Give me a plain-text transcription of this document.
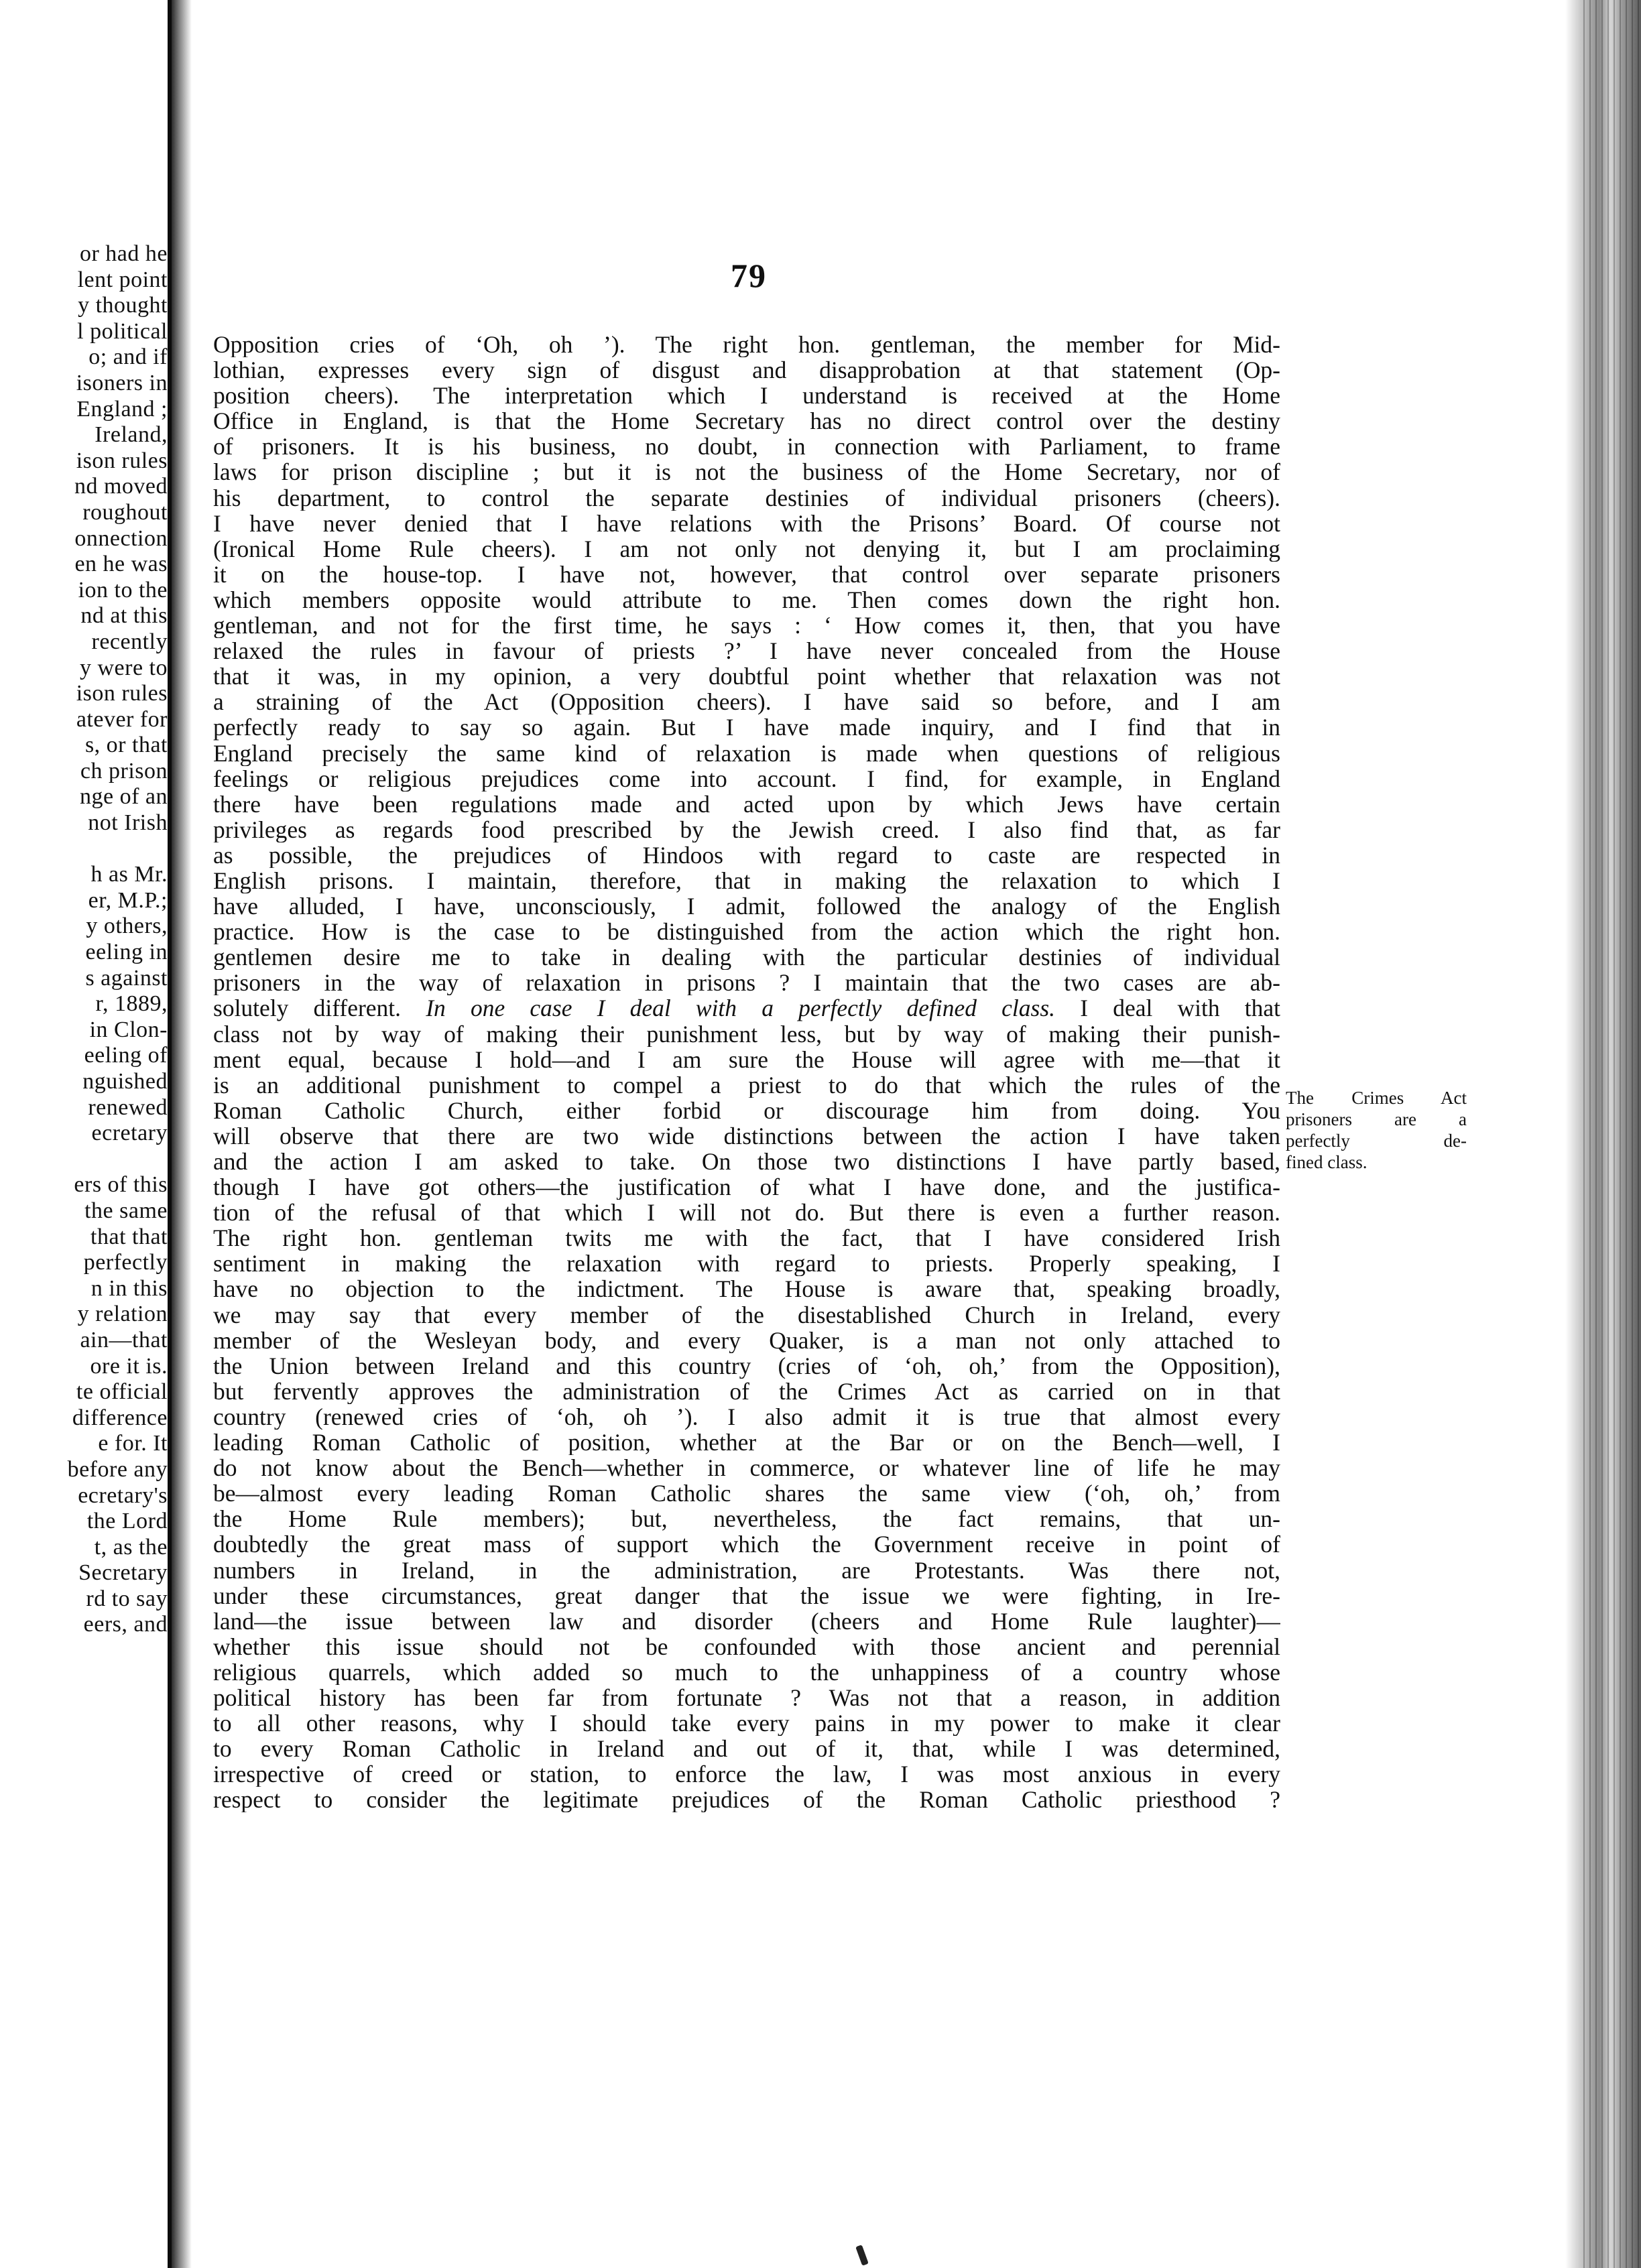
or had he
lent point
y thought
l political
o; and if
isoners in
England ;
Ireland,
ison rules
nd moved
roughout
onnection
en he was
ion to the
nd at this
recently
y were to
ison rules
atever for
s, or that
ch prison
nge of an
not Irish

h as Mr.
er, M.P.;
y others,
eeling in
s against
r, 1889,
in Clon-
eeling of
nguished
renewed
ecretary

ers of this
the same
that that
perfectly
n in this
y relation
ain—that
ore it is.
te official
difference
e for. It
before any
ecretary's
the Lord
t, as the
Secretary
rd to say
eers, and
79
Opposition cries of ‘Oh, oh ’). The right hon. gentleman, the member for Mid-
lothian, expresses every sign of disgust and disapprobation at that statement (Op-
position cheers). The interpretation which I understand is received at the Home
Office in England, is that the Home Secretary has no direct control over the destiny
of prisoners. It is his business, no doubt, in connection with Parliament, to frame
laws for prison discipline ; but it is not the business of the Home Secretary, nor of
his department, to control the separate destinies of individual prisoners (cheers).
I have never denied that I have relations with the Prisons’ Board. Of course not
(Ironical Home Rule cheers). I am not only not denying it, but I am proclaiming
it on the house-top. I have not, however, that control over separate prisoners
which members opposite would attribute to me. Then comes down the right hon.
gentleman, and not for the first time, he says : ‘ How comes it, then, that you have
relaxed the rules in favour of priests ?’ I have never concealed from the House
that it was, in my opinion, a very doubtful point whether that relaxation was not
a straining of the Act (Opposition cheers). I have said so before, and I am
perfectly ready to say so again. But I have made inquiry, and I find that in
England precisely the same kind of relaxation is made when questions of religious
feelings or religious prejudices come into account. I find, for example, in England
there have been regulations made and acted upon by which Jews have certain
privileges as regards food prescribed by the Jewish creed. I also find that, as far
as possible, the prejudices of Hindoos with regard to caste are respected in
English prisons. I maintain, therefore, that in making the relaxation to which I
have alluded, I have, unconsciously, I admit, followed the analogy of the English
practice. How is the case to be distinguished from the action which the right hon.
gentlemen desire me to take in dealing with the particular destinies of individual
prisoners in the way of relaxation in prisons ? I maintain that the two cases are ab-
solutely different. In one case I deal with a perfectly defined class. I deal with that
class not by way of making their punishment less, but by way of making their punish-
ment equal, because I hold—and I am sure the House will agree with me—that it
is an additional punishment to compel a priest to do that which the rules of the
Roman Catholic Church, either forbid or discourage him from doing. You
will observe that there are two wide distinctions between the action I have taken
and the action I am asked to take. On those two distinctions I have partly based,
though I have got others—the justification of what I have done, and the justifica-
tion of the refusal of that which I will not do. But there is even a further reason.
The right hon. gentleman twits me with the fact, that I have considered Irish
sentiment in making the relaxation with regard to priests. Properly speaking, I
have no objection to the indictment. The House is aware that, speaking broadly,
we may say that every member of the disestablished Church in Ireland, every
member of the Wesleyan body, and every Quaker, is a man not only attached to
the Union between Ireland and this country (cries of ‘oh, oh,’ from the Opposition),
but fervently approves the administration of the Crimes Act as carried on in that
country (renewed cries of ‘oh, oh ’). I also admit it is true that almost every
leading Roman Catholic of position, whether at the Bar or on the Bench—well, I
do not know about the Bench—whether in commerce, or whatever line of life he may
be—almost every leading Roman Catholic shares the same view (‘oh, oh,’ from
the Home Rule members); but, nevertheless, the fact remains, that un-
doubtedly the great mass of support which the Government receive in point of
numbers in Ireland, in the administration, are Protestants. Was there not,
under these circumstances, great danger that the issue we were fighting, in Ire-
land—the issue between law and disorder (cheers and Home Rule laughter)—
whether this issue should not be confounded with those ancient and perennial
religious quarrels, which added so much to the unhappiness of a country whose
political history has been far from fortunate ? Was not that a reason, in addition
to all other reasons, why I should take every pains in my power to make it clear
to every Roman Catholic in Ireland and out of it, that, while I was determined,
irrespective of creed or station, to enforce the law, I was most anxious in every
respect to consider the legitimate prejudices of the Roman Catholic priesthood ?
The Crimes Act
prisoners are a
perfectly de-
fined class.
